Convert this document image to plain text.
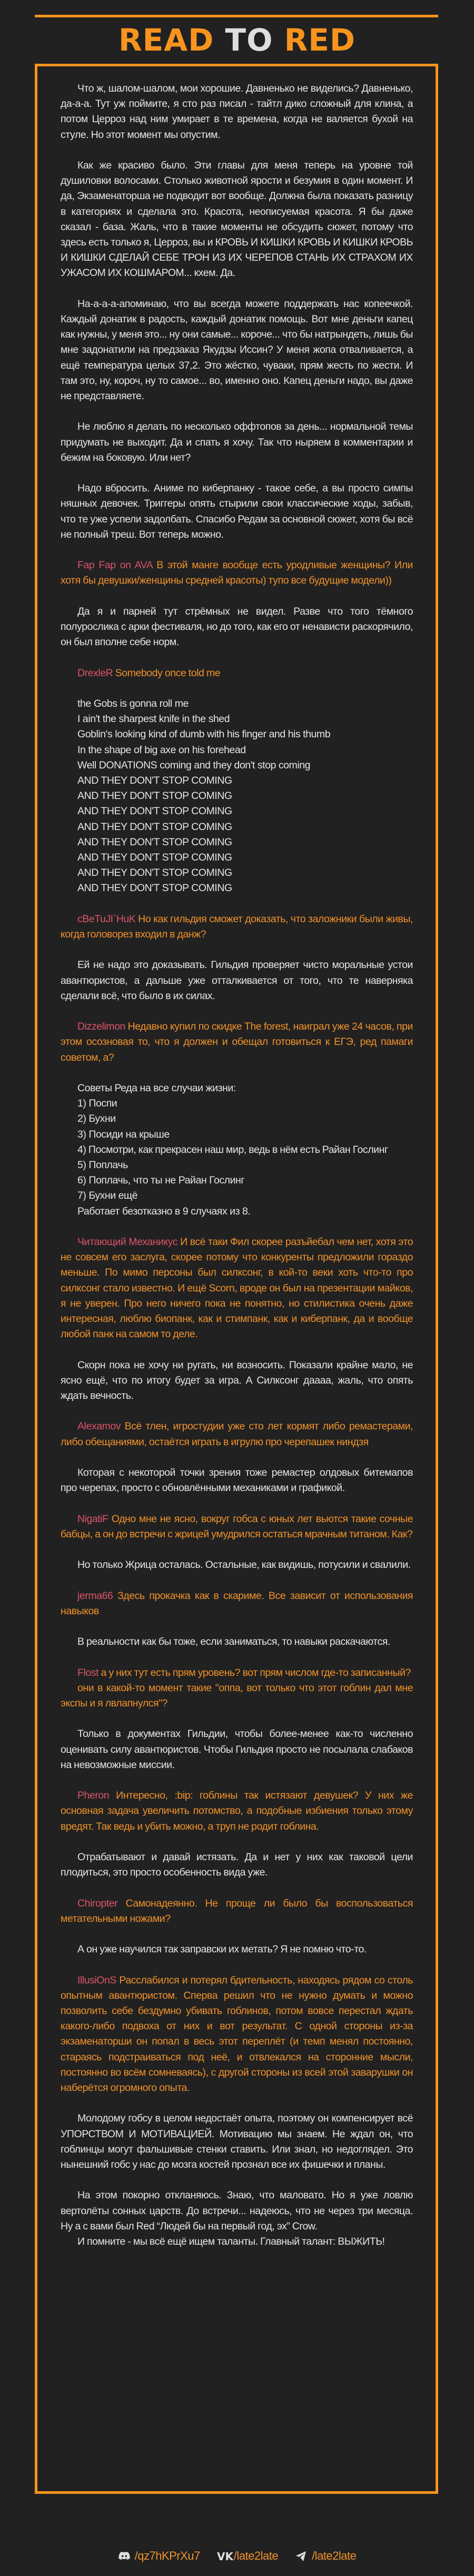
READ TO RED

Что ж, шалом-шалом, мои хорошие. Давненько не виделись? Давненько, да-а-а. Тут уж поймите, я сто раз писал - тайтл дико сложный для клина, а потом Церроз над ним умирает в те времена, когда не валяется бухой на стуле. Но этот момент мы опустим.

Как же красиво было. Эти главы для меня теперь на уровне той душиловки волосами. Столько животной ярости и безумия в один момент. И да, Экзаменаторша не подводит вот вообще. Должна была показать разницу в категориях и сделала это. Красота, неописуемая красота. Я бы даже сказал - база. Жаль, что в такие моменты не обсудить сюжет, потому что здесь есть только я, Церроз, вы и КРОВЬ И КИШКИ КРОВЬ И КИШКИ КРОВЬ И КИШКИ СДЕЛАЙ СЕБЕ ТРОН ИЗ ИХ ЧЕРЕПОВ СТАНЬ ИХ СТРАХОМ ИХ УЖАСОМ ИХ КОШМАРОМ... кхем. Да.

На-а-а-а-апоминаю, что вы всегда можете поддержать нас копеечкой. Каждый донатик в радость, каждый донатик помощь. Вот мне деньги капец как нужны, у меня это... ну они самые... короче... что бы натрындеть, лишь бы мне задонатили на предзаказ Якудзы Иссин? У меня жопа отваливается, а ещё температура целых 37,2. Это жёстко, чуваки, прям жесть по жести. И там это, ну, короч, ну то самое... во, именно оно. Капец деньги надо, вы даже не представляете.

Не люблю я делать по несколько оффтопов за день... нормальной темы придумать не выходит. Да и спать я хочу. Так что ныряем в комментарии и бежим на боковую. Или нет?

Надо вбросить. Аниме по киберпанку - такое себе, а вы просто симпы няшных девочек. Триггеры опять стырили свои классические ходы, забыв, что те уже успели задолбать. Спасибо Редам за основной сюжет, хотя бы всё не полный треш. Вот теперь можно.

Fap Fap on AVA В этой манге вообще есть уродливые женщины? Или хотя бы девушки/женщины средней красоты) тупо все будущие модели))

Да я и парней тут стрёмных не видел. Разве что того тёмного полурослика с арки фестиваля, но до того, как его от ненависти раскорячило, он был вполне себе норм.

DrexleR Somebody once told me

the Gobs is gonna roll me
I ain't the sharpest knife in the shed
Goblin's looking kind of dumb with his finger and his thumb
In the shape of big axe on his forehead
Well DONATIONS coming and they don't stop coming
AND THEY DON'T STOP COMING
AND THEY DON'T STOP COMING
AND THEY DON'T STOP COMING
AND THEY DON'T STOP COMING
AND THEY DON'T STOP COMING
AND THEY DON'T STOP COMING
AND THEY DON'T STOP COMING
AND THEY DON'T STOP COMING

cBeTuJI`HuK Но как гильдия сможет доказать, что заложники были живы, когда головорез входил в данж?

Ей не надо это доказывать. Гильдия проверяет чисто моральные устои авантюристов, а дальше уже отталкивается от того, что те наверняка сделали всё, что было в их силах.

Dizzelimon Недавно купил по скидке The forest, наиграл уже 24 часов, при этом осозновая то, что я должен и обещал готовиться к ЕГЭ, ред памаги советом, а?

Советы Реда на все случаи жизни:
1) Поспи
2) Бухни
3) Посиди на крыше

4) Посмотри, как прекрасен наш мир, ведь в нём есть Райан Гослинг

5) Поплачь
6) Поплачь, что ты не Райан Гослинг
7) Бухни ещё
Работает безотказно в 9 случаях из 8.

Читающий Механикус И всё таки Фил скорее разъйебал чем нет, хотя это не совсем его заслуга, скорее потому что конкуренты предложили гораздо меньше. По мимо персоны был силксонг, в кой-то веки хоть что-то про силксонг стало известно. И ещё Scorn, вроде он был на презентации майков, я не уверен. Про него ничего пока не понятно, но стилистика очень даже интересная, люблю биопанк, как и стимпанк, как и киберпанк, да и вообще любой панк на самом то деле.

Скорн пока не хочу ни ругать, ни возносить. Показали крайне мало, не ясно ещё, что по итогу будет за игра. А Силксонг даааа, жаль, что опять ждать вечность.

Alexamov Всё тлен, игростудии уже сто лет кормят либо ремастерами, либо обещаниями, остаётся играть в игрулю про черепашек ниндзя

Которая с некоторой точки зрения тоже ремастер олдовых битемапов про черепах, просто с обновлёнными механиками и графикой.

NigatiF Одно мне не ясно, вокруг гобса с юных лет вьются такие сочные бабцы, а он до встречи с жрицей умудрился остаться мрачным титаном. Как?

Но только Жрица осталась. Остальные, как видишь, потусили и свалили.

jerma66 Здесь прокачка как в скариме. Все зависит от использования навыков

В реальности как бы тоже, если заниматься, то навыки раскачаются.

Flost а у них тут есть прям уровень? вот прям числом где-то записанный?

они в какой-то момент такие "оппа, вот только что этот гоблин дал мне экспы и я лвлапнулся"?

Только в документах Гильдии, чтобы более-менее как-то численно оценивать силу авантюристов. Чтобы Гильдия просто не посылала слабаков на невозможные миссии.

Pheron Интересно, :bip: гоблины так истязают девушек? У них же основная задача увеличить потомство, а подобные избиения только этому вредят. Так ведь и убить можно, а труп не родит гоблина.

Отрабатывают и давай истязать. Да и нет у них как таковой цели плодиться, это просто особенность вида уже.

Chiropter Самонадеянно. Не проще ли было бы воспользоваться метательными ножами?

А он уже научился так заправски их метать? Я не помню что-то.

IllusiOnS Расслабился и потерял бдительность, находясь рядом со столь опытным авантюристом. Сперва решил что не нужно думать и можно позволить себе бездумно убивать гоблинов, потом вовсе перестал ждать какого-либо подвоха от них и вот результат. С одной стороны из-за экзаменаторши он попал в весь этот переплёт (и темп менял постоянно, стараясь подстраиваться под неё, и отвлекался на сторонние мысли, постоянно во всём сомневаясь), с другой стороны из всей этой заварушки он наберётся огромного опыта.

Молодому гобсу в целом недостаёт опыта, поэтому он компенсирует всё УПОРСТВОМ И МОТИВАЦИЕЙ. Мотивацию мы знаем. Не ждал он, что гоблинцы могут фальшивые стенки ставить. Или знал, но недоглядел. Это нынешний гобс у нас до мозга костей прознал все их фишечки и планы.

На этом покорно откланяюсь. Знаю, что маловато. Но я уже ловлю вертолёты сонных царств. До встречи... надеюсь, что не через три месяца. Ну а с вами был Red “Людей бы на первый год, эх” Crow.

И помните - мы всё ещё ищем таланты. Главный талант: ВЫЖИТЬ!

/qz7hKPrXu7 VK /late2late	/late2late
